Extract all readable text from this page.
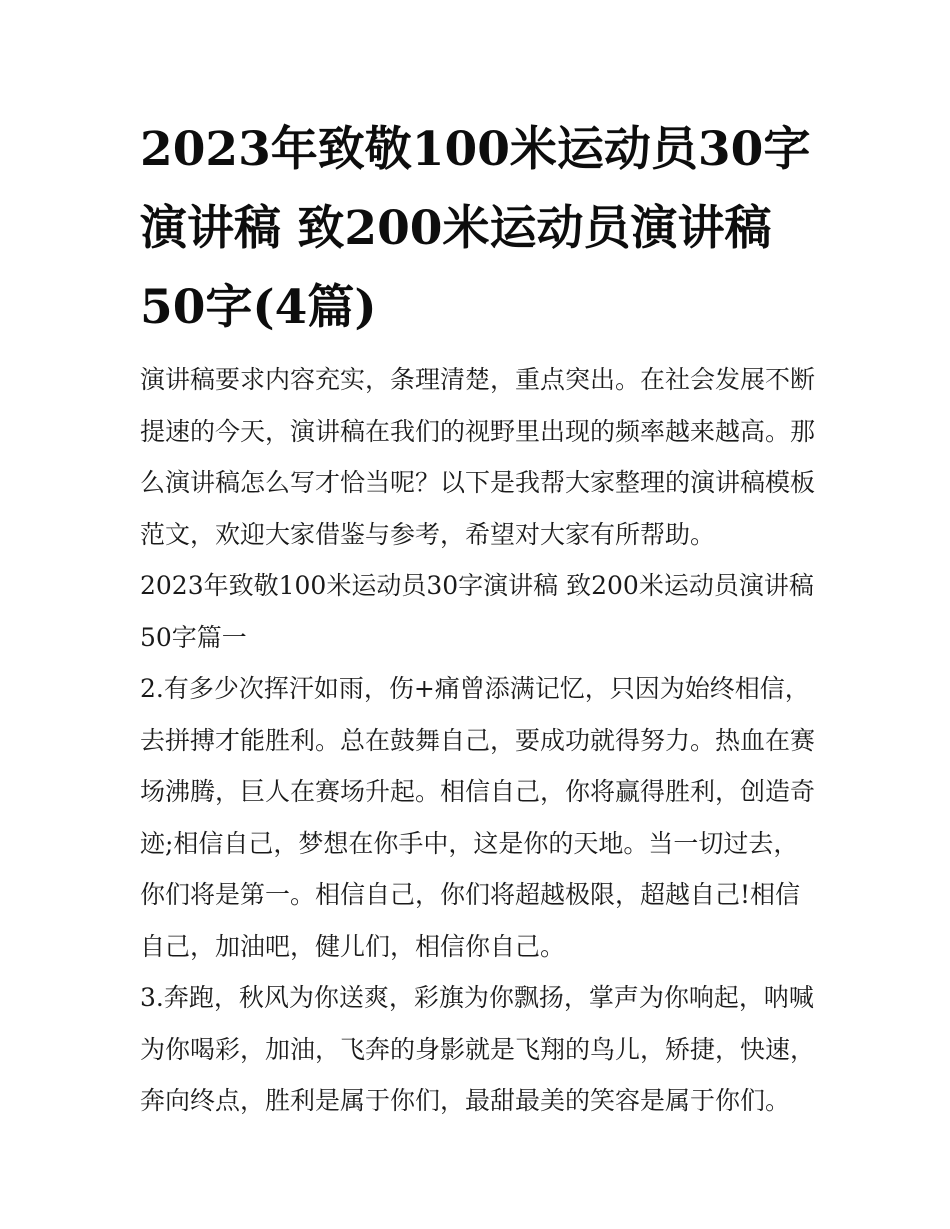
2023年致敬100米运动员30字演讲稿 致200米运动员演讲稿50字(4篇)

演讲稿要求内容充实，条理清楚，重点突出。在社会发展不断提速的今天，演讲稿在我们的视野里出现的频率越来越高。那么演讲稿怎么写才恰当呢？以下是我帮大家整理的演讲稿模板范文，欢迎大家借鉴与参考，希望对大家有所帮助。

2023年致敬100米运动员30字演讲稿 致200米运动员演讲稿50字篇一

2.有多少次挥汗如雨，伤+痛曾添满记忆，只因为始终相信，去拼搏才能胜利。总在鼓舞自己，要成功就得努力。热血在赛场沸腾，巨人在赛场升起。相信自己，你将赢得胜利，创造奇迹;相信自己，梦想在你手中，这是你的天地。当一切过去，你们将是第一。相信自己，你们将超越极限，超越自己!相信自己，加油吧，健儿们，相信你自己。

3.奔跑，秋风为你送爽，彩旗为你飘扬，掌声为你响起，呐喊为你喝彩，加油，飞奔的身影就是飞翔的鸟儿，矫捷，快速，奔向终点，胜利是属于你们，最甜最美的笑容是属于你们。
